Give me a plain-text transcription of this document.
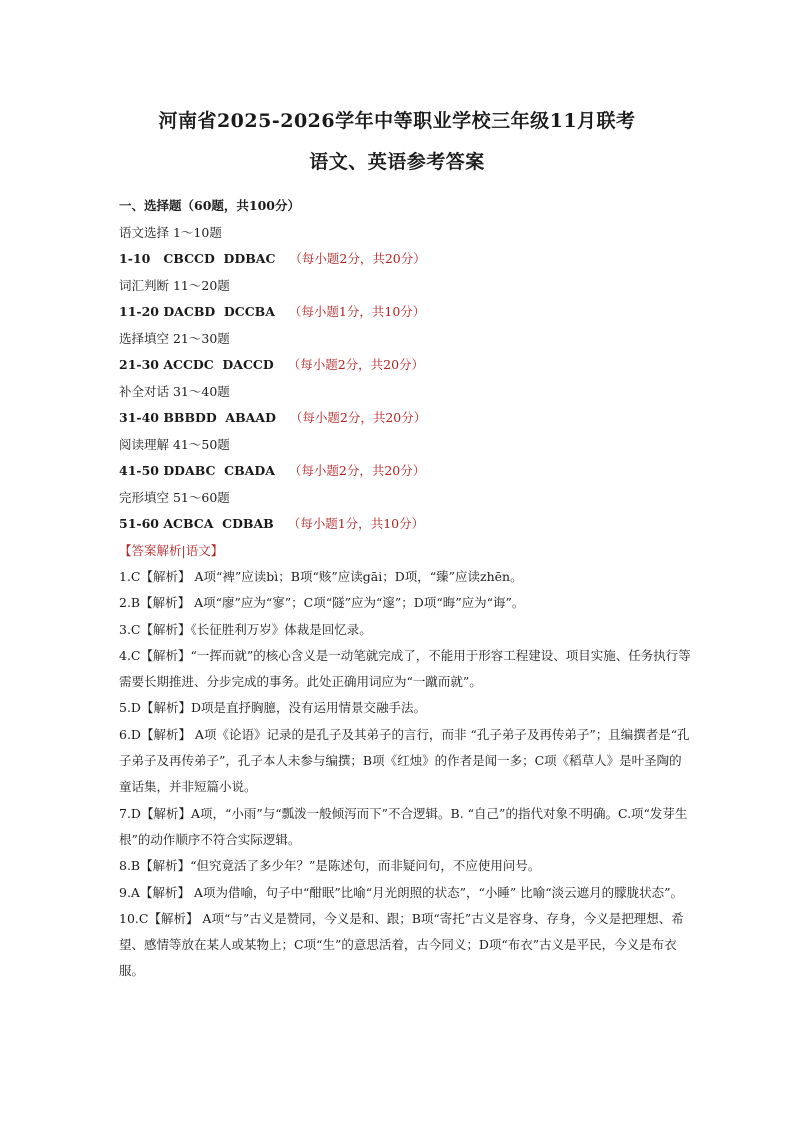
河南省2025-2026学年中等职业学校三年级11月联考
语文、英语参考答案
一、选择题（60题，共100分）
语文选择 1～10题
1-10   CBCCD  DDBAC （每小题2分，共20分）
词汇判断 11～20题
11-20 DACBD  DCCBA （每小题1分，共10分）
选择填空 21～30题
21-30 ACCDC  DACCD （每小题2分，共20分）
补全对话 31～40题
31-40 BBBDD  ABAAD （每小题2分，共20分）
阅读理解 41～50题
41-50 DDABC  CBADA （每小题2分，共20分）
完形填空 51～60题
51-60 ACBCA  CDBAB （每小题1分，共10分）
【答案解析|语文】
1.C【解析】 A项“裨”应读bì；B项“赅”应读gāi；D项，“臻”应读zhēn。
2.B【解析】 A项“廖”应为“寥”；C项“隧”应为“邃”；D项“晦”应为“诲”。
3.C【解析】《长征胜利万岁》体裁是回忆录。
4.C【解析】“一挥而就”的核心含义是一动笔就完成了，不能用于形容工程建设、项目实施、任务执行等需要长期推进、分步完成的事务。此处正确用词应为“一蹴而就”。
5.D【解析】D项是直抒胸臆，没有运用情景交融手法。
6.D【解析】 A项《论语》记录的是孔子及其弟子的言行，而非 “孔子弟子及再传弟子”；且编撰者是“孔子弟子及再传弟子”，孔子本人未参与编撰；B项《红烛》的作者是闻一多；C项《稻草人》是叶圣陶的童话集，并非短篇小说。
7.D【解析】A项，“小雨”与“瓢泼一般倾泻而下”不合逻辑。B. “自己”的指代对象不明确。C.项“发芽生根”的动作顺序不符合实际逻辑。
8.B【解析】“但究竟活了多少年？”是陈述句，而非疑问句，不应使用问号。
9.A【解析】 A项为借喻，句子中“酣眠”比喻“月光朗照的状态”，“小睡” 比喻“淡云遮月的朦胧状态”。
10.C【解析】 A项“与”古义是赞同，今义是和、跟；B项“寄托”古义是容身、存身，今义是把理想、希望、感情等放在某人或某物上；C项“生”的意思活着，古今同义；D项“布衣”古义是平民，今义是布衣服。
